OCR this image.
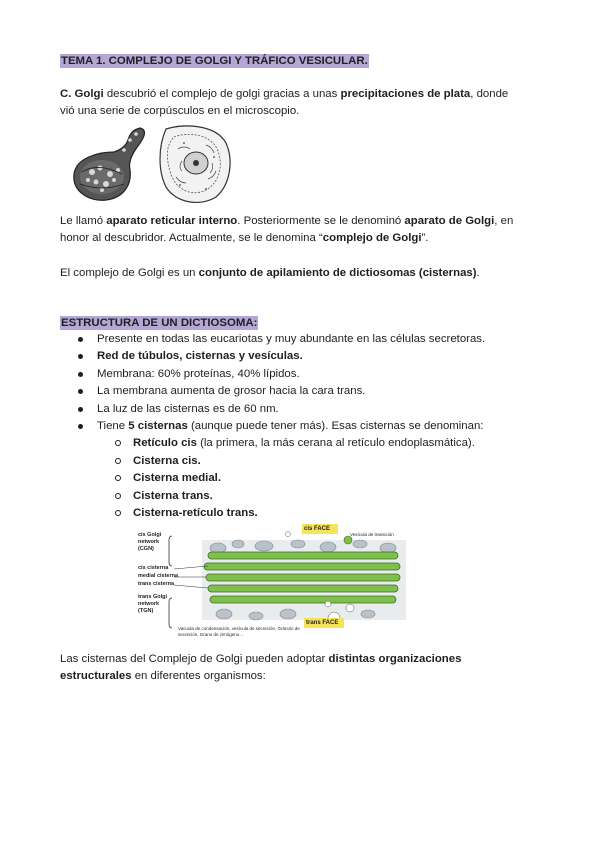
TEMA 1. COMPLEJO DE GOLGI Y TRÁFICO VESICULAR.
C. Golgi descubrió el complejo de golgi gracias a unas precipitaciones de plata, donde
vió una serie de corpúsculos en el microscopio.
Le llamó aparato reticular interno. Posteriormente se le denominó aparato de Golgi, en
honor al descubridor. Actualmente, se le denomina “complejo de Golgi”.
El complejo de Golgi es un conjunto de apilamiento de dictiosomas (cisternas).
ESTRUCTURA DE UN DICTIOSOMA:
Presente en todas las eucariotas y muy abundante en las células secretoras.
Red de túbulos, cisternas y vesículas.
Membrana: 60% proteínas, 40% lípidos.
La membrana aumenta de grosor hacia la cara trans.
La luz de las cisternas es de 60 nm.
Tiene 5 cisternas (aunque puede tener más). Esas cisternas se denominan:
Retículo cis (la primera, la más cerana al retículo endoplasmática).
Cisterna cis.
Cisterna medial.
Cisterna trans.
Cisterna-retículo trans.
cis Golgi network (CGN)
cis cisterna
medial cisterna
trans cisterna
trans Golgi network (TGN)
cis FACE
trans FACE
Vesícula de transición
Vacuola de condensación, vesícula de secreción, Gránulo de secreción, Grano de zimógeno...
Las cisternas del Complejo de Golgi pueden adoptar distintas organizaciones
estructurales en diferentes organismos:
